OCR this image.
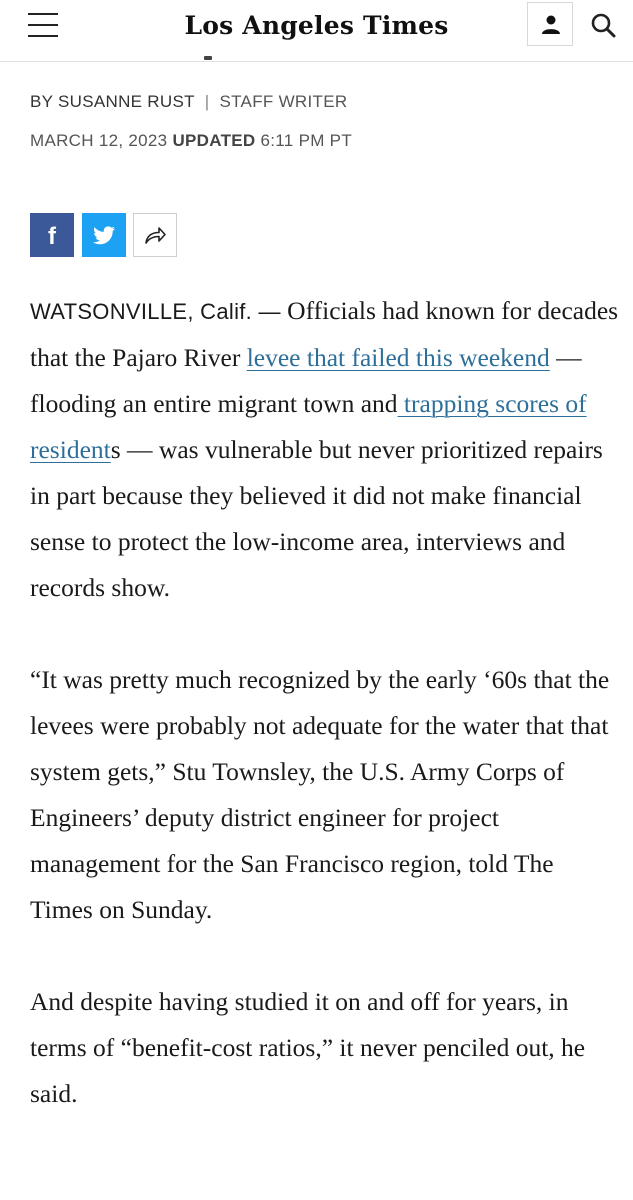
Los Angeles Times
BY SUSANNE RUST | STAFF WRITER
MARCH 12, 2023 UPDATED 6:11 PM PT
f

WATSONVILLE, Calif. — Officials had known for decades that the Pajaro River levee that failed this weekend — flooding an entire migrant town and trapping scores of residents — was vulnerable but never prioritized repairs in part because they believed it did not make financial sense to protect the low-income area, interviews and records show.

“It was pretty much recognized by the early ‘60s that the levees were probably not adequate for the water that that system gets,” Stu Townsley, the U.S. Army Corps of Engineers’ deputy district engineer for project management for the San Francisco region, told The Times on Sunday.

And despite having studied it on and off for years, in terms of “benefit-cost ratios,” it never penciled out, he said.
